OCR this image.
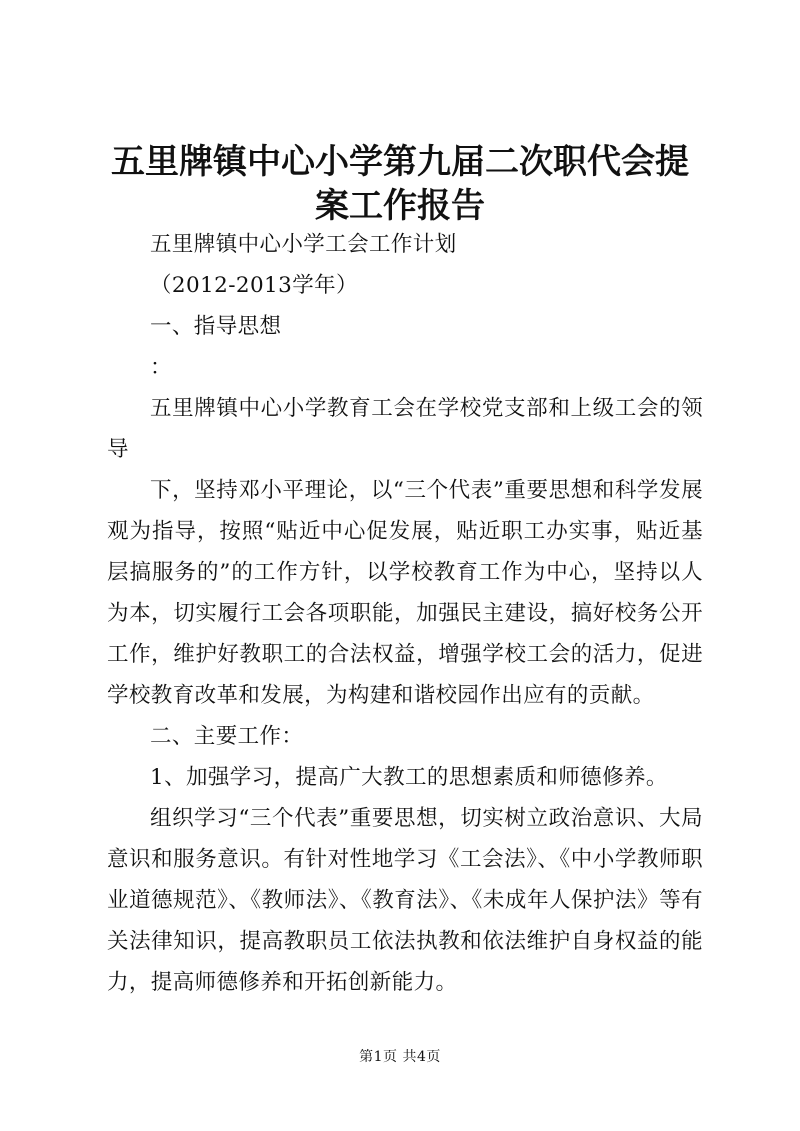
五里牌镇中心小学第九届二次职代会提案工作报告

五里牌镇中心小学工会工作计划

（2012-2013学年）

一、指导思想

：

五里牌镇中心小学教育工会在学校党支部和上级工会的领导

下，坚持邓小平理论，以“三个代表”重要思想和科学发展观为指导，按照“贴近中心促发展，贴近职工办实事，贴近基层搞服务的”的工作方针，以学校教育工作为中心，坚持以人为本，切实履行工会各项职能，加强民主建设，搞好校务公开工作，维护好教职工的合法权益，增强学校工会的活力，促进学校教育改革和发展，为构建和谐校园作出应有的贡献。

二、主要工作：

1、加强学习，提高广大教工的思想素质和师德修养。

组织学习“三个代表”重要思想，切实树立政治意识、大局意识和服务意识。有针对性地学习《工会法》、《中小学教师职业道德规范》、《教师法》、《教育法》、《未成年人保护法》等有关法律知识，提高教职员工依法执教和依法维护自身权益的能力，提高师德修养和开拓创新能力。

第1页 共4页
